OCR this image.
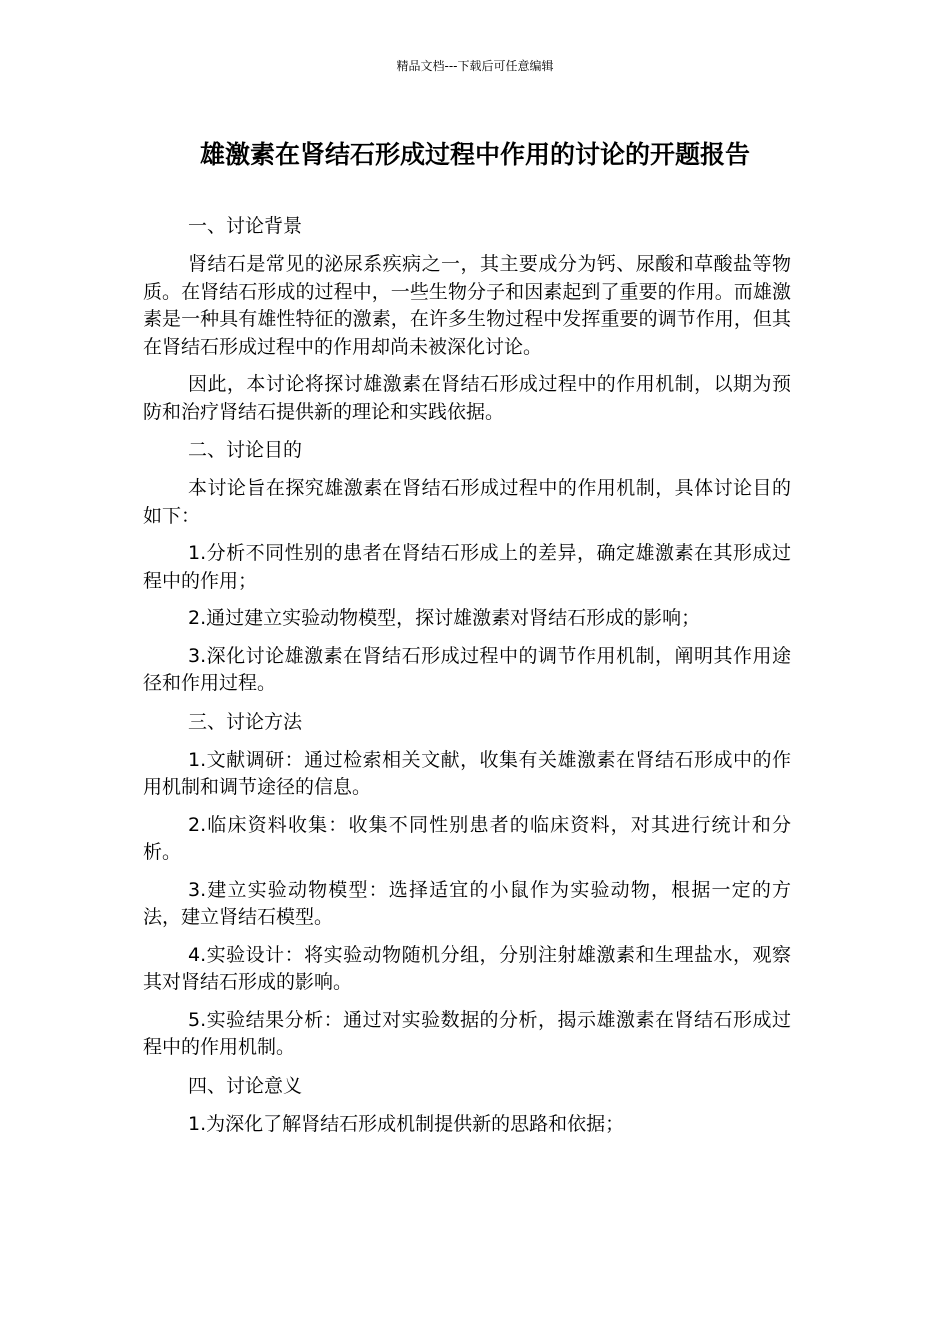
精品文档---下载后可任意编辑
雄激素在肾结石形成过程中作用的讨论的开题报告
一、讨论背景

肾结石是常见的泌尿系疾病之一，其主要成分为钙、尿酸和草酸盐等物质。在肾结石形成的过程中，一些生物分子和因素起到了重要的作用。而雄激素是一种具有雄性特征的激素，在许多生物过程中发挥重要的调节作用，但其在肾结石形成过程中的作用却尚未被深化讨论。

因此，本讨论将探讨雄激素在肾结石形成过程中的作用机制，以期为预防和治疗肾结石提供新的理论和实践依据。

二、讨论目的

本讨论旨在探究雄激素在肾结石形成过程中的作用机制，具体讨论目的如下：

1.分析不同性别的患者在肾结石形成上的差异，确定雄激素在其形成过程中的作用；

2.通过建立实验动物模型，探讨雄激素对肾结石形成的影响；

3.深化讨论雄激素在肾结石形成过程中的调节作用机制，阐明其作用途径和作用过程。

三、讨论方法

1.文献调研：通过检索相关文献，收集有关雄激素在肾结石形成中的作用机制和调节途径的信息。

2.临床资料收集：收集不同性别患者的临床资料，对其进行统计和分析。

3.建立实验动物模型：选择适宜的小鼠作为实验动物，根据一定的方法，建立肾结石模型。

4.实验设计：将实验动物随机分组，分别注射雄激素和生理盐水，观察其对肾结石形成的影响。

5.实验结果分析：通过对实验数据的分析，揭示雄激素在肾结石形成过程中的作用机制。

四、讨论意义

1.为深化了解肾结石形成机制提供新的思路和依据；
